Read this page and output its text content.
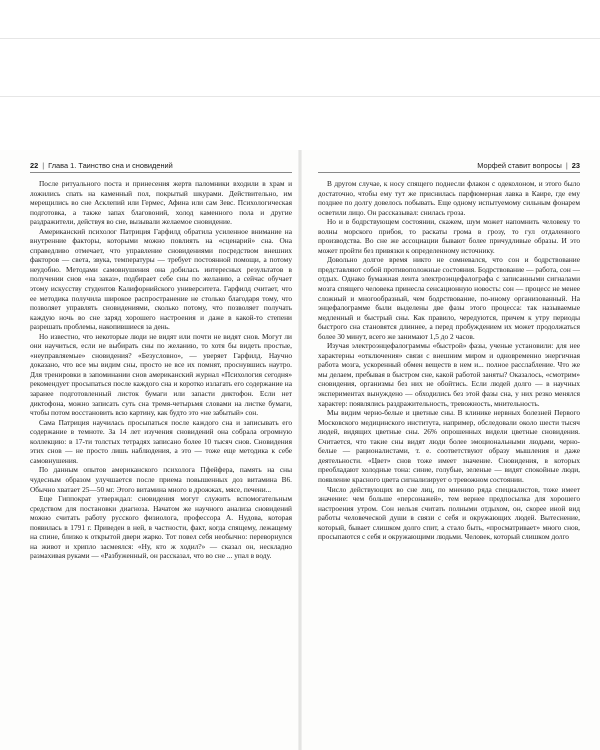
22 | Глава 1. Таинство сна и сновидений

После ритуального поста и принесения жертв паломники входили в храм и ложились спать на каменный пол, покрытый шкурами. Действительно, им мерещились во сне Асклепий или Гермес, Афина или сам Зевс. Психологическая подготовка, а также запах благовоний, холод каменного пола и другие раздражители, действуя во сне, вызывали желаемое сновидение.

Американский психолог Патриция Гарфилд обратила усиленное внимание на внутренние факторы, которыми можно повлиять на «сценарий» сна. Она справедливо отмечает, что управление сновидениями посредством внешних факторов — света, звука, температуры — требует постоянной помощи, а потому неудобно. Методами самовнушения она добилась интересных результатов в получении снов «на заказ», подбирает себе сны по желанию, а сейчас обучает этому искусству студентов Калифорнийского университета. Гарфилд считает, что ее методика получила широкое распространение не столько благодаря тому, что позволяет управлять сновидениями, сколько потому, что позволяет получать каждую ночь во сне заряд хорошего настроения и даже в какой-то степени разрешать проблемы, накопившиеся за день.

Но известно, что некоторые люди не видят или почти не видят снов. Могут ли они научиться, если не выбирать сны по желанию, то хотя бы видеть простые, «неуправляемые» сновидения? «Безусловно», — уверяет Гарфилд. Научно доказано, что все мы видим сны, просто не все их помнят, проснувшись наутро. Для тренировки в запоминании снов американский журнал «Психология сегодня» рекомендует просыпаться после каждого сна и коротко излагать его содержание на заранее подготовленный листок бумаги или запасти диктофон. Если нет диктофона, можно записать суть сна тремя-четырьмя словами на листке бумаги, чтобы потом восстановить всю картину, как будто это «не забытый» сон.

Сама Патриция научилась просыпаться после каждого сна и записывать его содержание в темноте. За 14 лет изучения сновидений она собрала огромную коллекцию: в 17-ти толстых тетрадях записано более 10 тысяч снов. Сновидения этих снов — не просто лишь наблюдения, а это — тоже еще методика к себе самовнушения.

По данным опытов американского психолога Пфейфера, память на сны чудесным образом улучшается после приема повышенных доз витамина B6. Обычно хватает 25—50 мг. Этого витамина много в дрожжах, мясе, печени...

Еще Гиппократ утверждал: сновидения могут служить вспомогательным средством для постановки диагноза. Начатом же научного анализа сновидений можно считать работу русского физиолога, профессора А. Нудова, которая появилась в 1791 г. Приведен в ней, в частности, факт, когда спящему, лежащему на спине, близко к открытой двери жарко. Тот повел себя необычно: переворнулся на живот и хрипло засмеялся: «Ну, кто ж ходил?» — сказал он, нескладно размахивая руками — «Разбуженный, он рассказал, что во сне ... упал в воду.

Морфей ставит вопросы | 23

В другом случае, к носу спящего поднесли флакон с одеколоном, и этого было достаточно, чтобы ему тут же приснилась парфюмерная лавка в Каире, где ему позднее по долгу довелось побывать. Еще одному испытуемому сильным фонарем осветили лицо. Он рассказывал: снилась гроза.

Но и в бодрствующем состоянии, скажем, шум может напомнить человеку то волны морского прибоя, то раскаты грома в грозу, то гул отдаленного производства. Во сне же ассоциации бывают более причудливые образы. И это может пройти без привязки к определенному источнику.

Довольно долгое время никто не сомневался, что сон и бодрствование представляют собой противоположные состояния. Бодрствование — работа, сон — отдых. Однако бумажная лента электроэнцефалографа с записанными сигналами мозга спящего человека принесла сенсационную новость: сон — процесс не менее сложный и многообразный, чем бодрствование, по-иному организованный. На энцефалограмме были выделены две фазы этого процесса: так называемые медленный и быстрый сны. Как правило, чередуются, причем к утру периоды быстрого сна становятся длиннее, а перед пробуждением их может продолжаться более 30 минут, всего же занимают 1,5 до 2 часов.

Изучая электроэнцефалограммы «быстрой» фазы, ученые установили: для нее характерны «отключения» связи с внешним миром и одновременно энергичная работа мозга, ускоренный обмен веществ в нем и... полное расслабление. Что же мы делаем, пребывая в быстром сне, какой работой заняты? Оказалось, «смотрим» сновидения, организмы без них не обойтись. Если людей долго — в научных экспериментах вынуждено — обходились без этой фазы сна, у них резко менялся характер: появлялись раздражительность, тревожность, мнительность.

Мы видим черно-белые и цветные сны. В клинике нервных болезней Первого Московского медицинского института, например, обследовали около шести тысяч людей, видящих цветные сны. 26% опрошенных видели цветные сновидения. Считается, что такие сны видят люди более эмоциональными людьми, черно-белые — рационалистами, т. е. соответствуют образу мышления и даже деятельности. «Цвет» снов тоже имеет значение. Сновидения, в которых преобладают холодные тона: синие, голубые, зеленые — видят спокойные люди, появление красного цвета сигнализирует о тревожном состоянии.

Число действующих во сне лиц, по мнению ряда специалистов, тоже имеет значение: чем больше «персонажей», тем вернее предпосылка для хорошего настроения утром. Сон нельзя считать полными отдыхом, он, скорее иной вид работы человеческой души в связи с себя и окружающих людей. Вытеснение, который, бывает слишком долго спит, а стало быть, «просматривает» много снов, просыпаются с себя и окружающими людьми. Человек, который слишком долго
